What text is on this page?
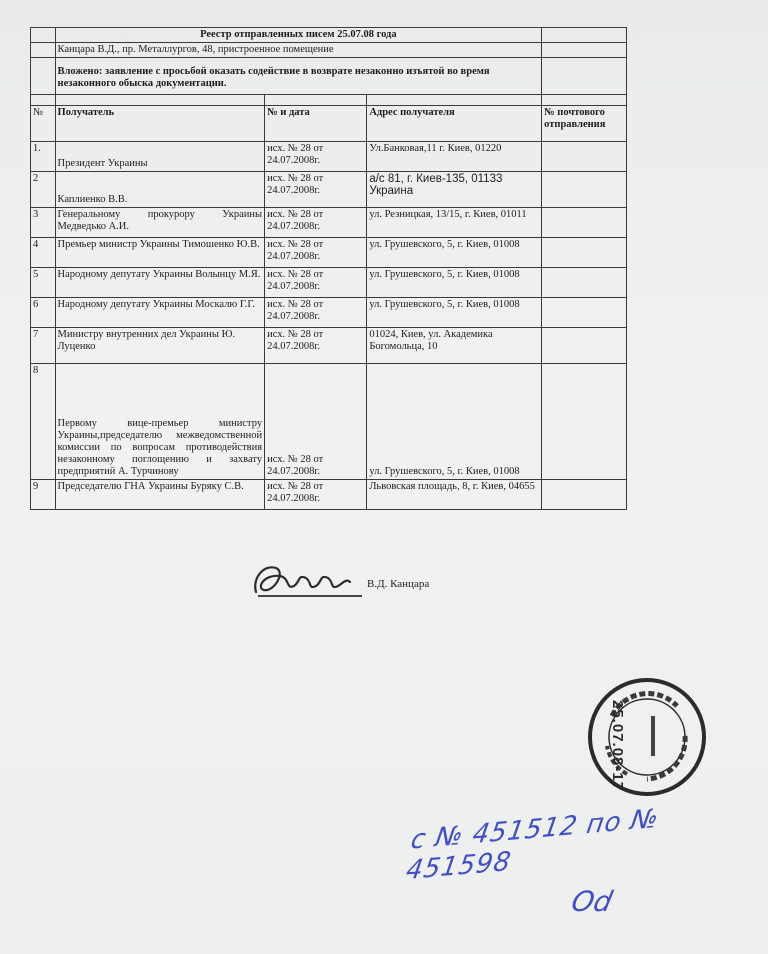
	Реестр отправленных писем 25.07.08 года			
	Канцара В.Д., пр. Металлургов, 48, пристроенное помещение			
	Вложено: заявление с просьбой оказать содействие в возврате незаконно изъятой во время незаконного обыска документации.			

№	Получатель	№ и дата	Адрес получателя	№ почтового отправления
1.	Президент Украины	исх. № 28 от 24.07.2008г.	Ул.Банковая,11 г. Киев, 01220	
2	Каплиенко В.В.	исх. № 28 от 24.07.2008г.	а/с 81, г. Киев-135, 01133 Украина	
3	Генеральному прокурору Украины Медведько А.И.	исх. № 28 от 24.07.2008г.	ул. Резницкая, 13/15, г. Киев, 01011	
4	Премьер министр Украины Тимошенко Ю.В.	исх. № 28 от 24.07.2008г.	ул. Грушевского, 5, г. Киев, 01008	
5	Народному депутату Украины Волынцу М.Я.	исх. № 28 от 24.07.2008г.	ул. Грушевского, 5, г. Киев, 01008	
6	Народному депутату Украины Москалю Г.Г.	исх. № 28 от 24.07.2008г.	ул. Грушевского, 5, г. Киев, 01008	
7	Министру внутренних дел Украины Ю. Луценко	исх. № 28 от 24.07.2008г.	01024, Киев, ул. Академика Богомольца, 10	
8	Первому вице-премьер министру Украины,председателю межведомственной комиссии по вопросам противодействия незаконному поглощению и захвату предприятий А. Турчинову	исх. № 28 от 24.07.2008г.	ул. Грушевского, 5, г. Киев, 01008	
9	Председателю ГНА Украины Буряку С.В.	исх. № 28 от 24.07.2008г.	Львовская площадь, 8, г. Киев, 04655	
В.Д. Канцара
25.07.08-17
с № 451512 по № 451598
Od
